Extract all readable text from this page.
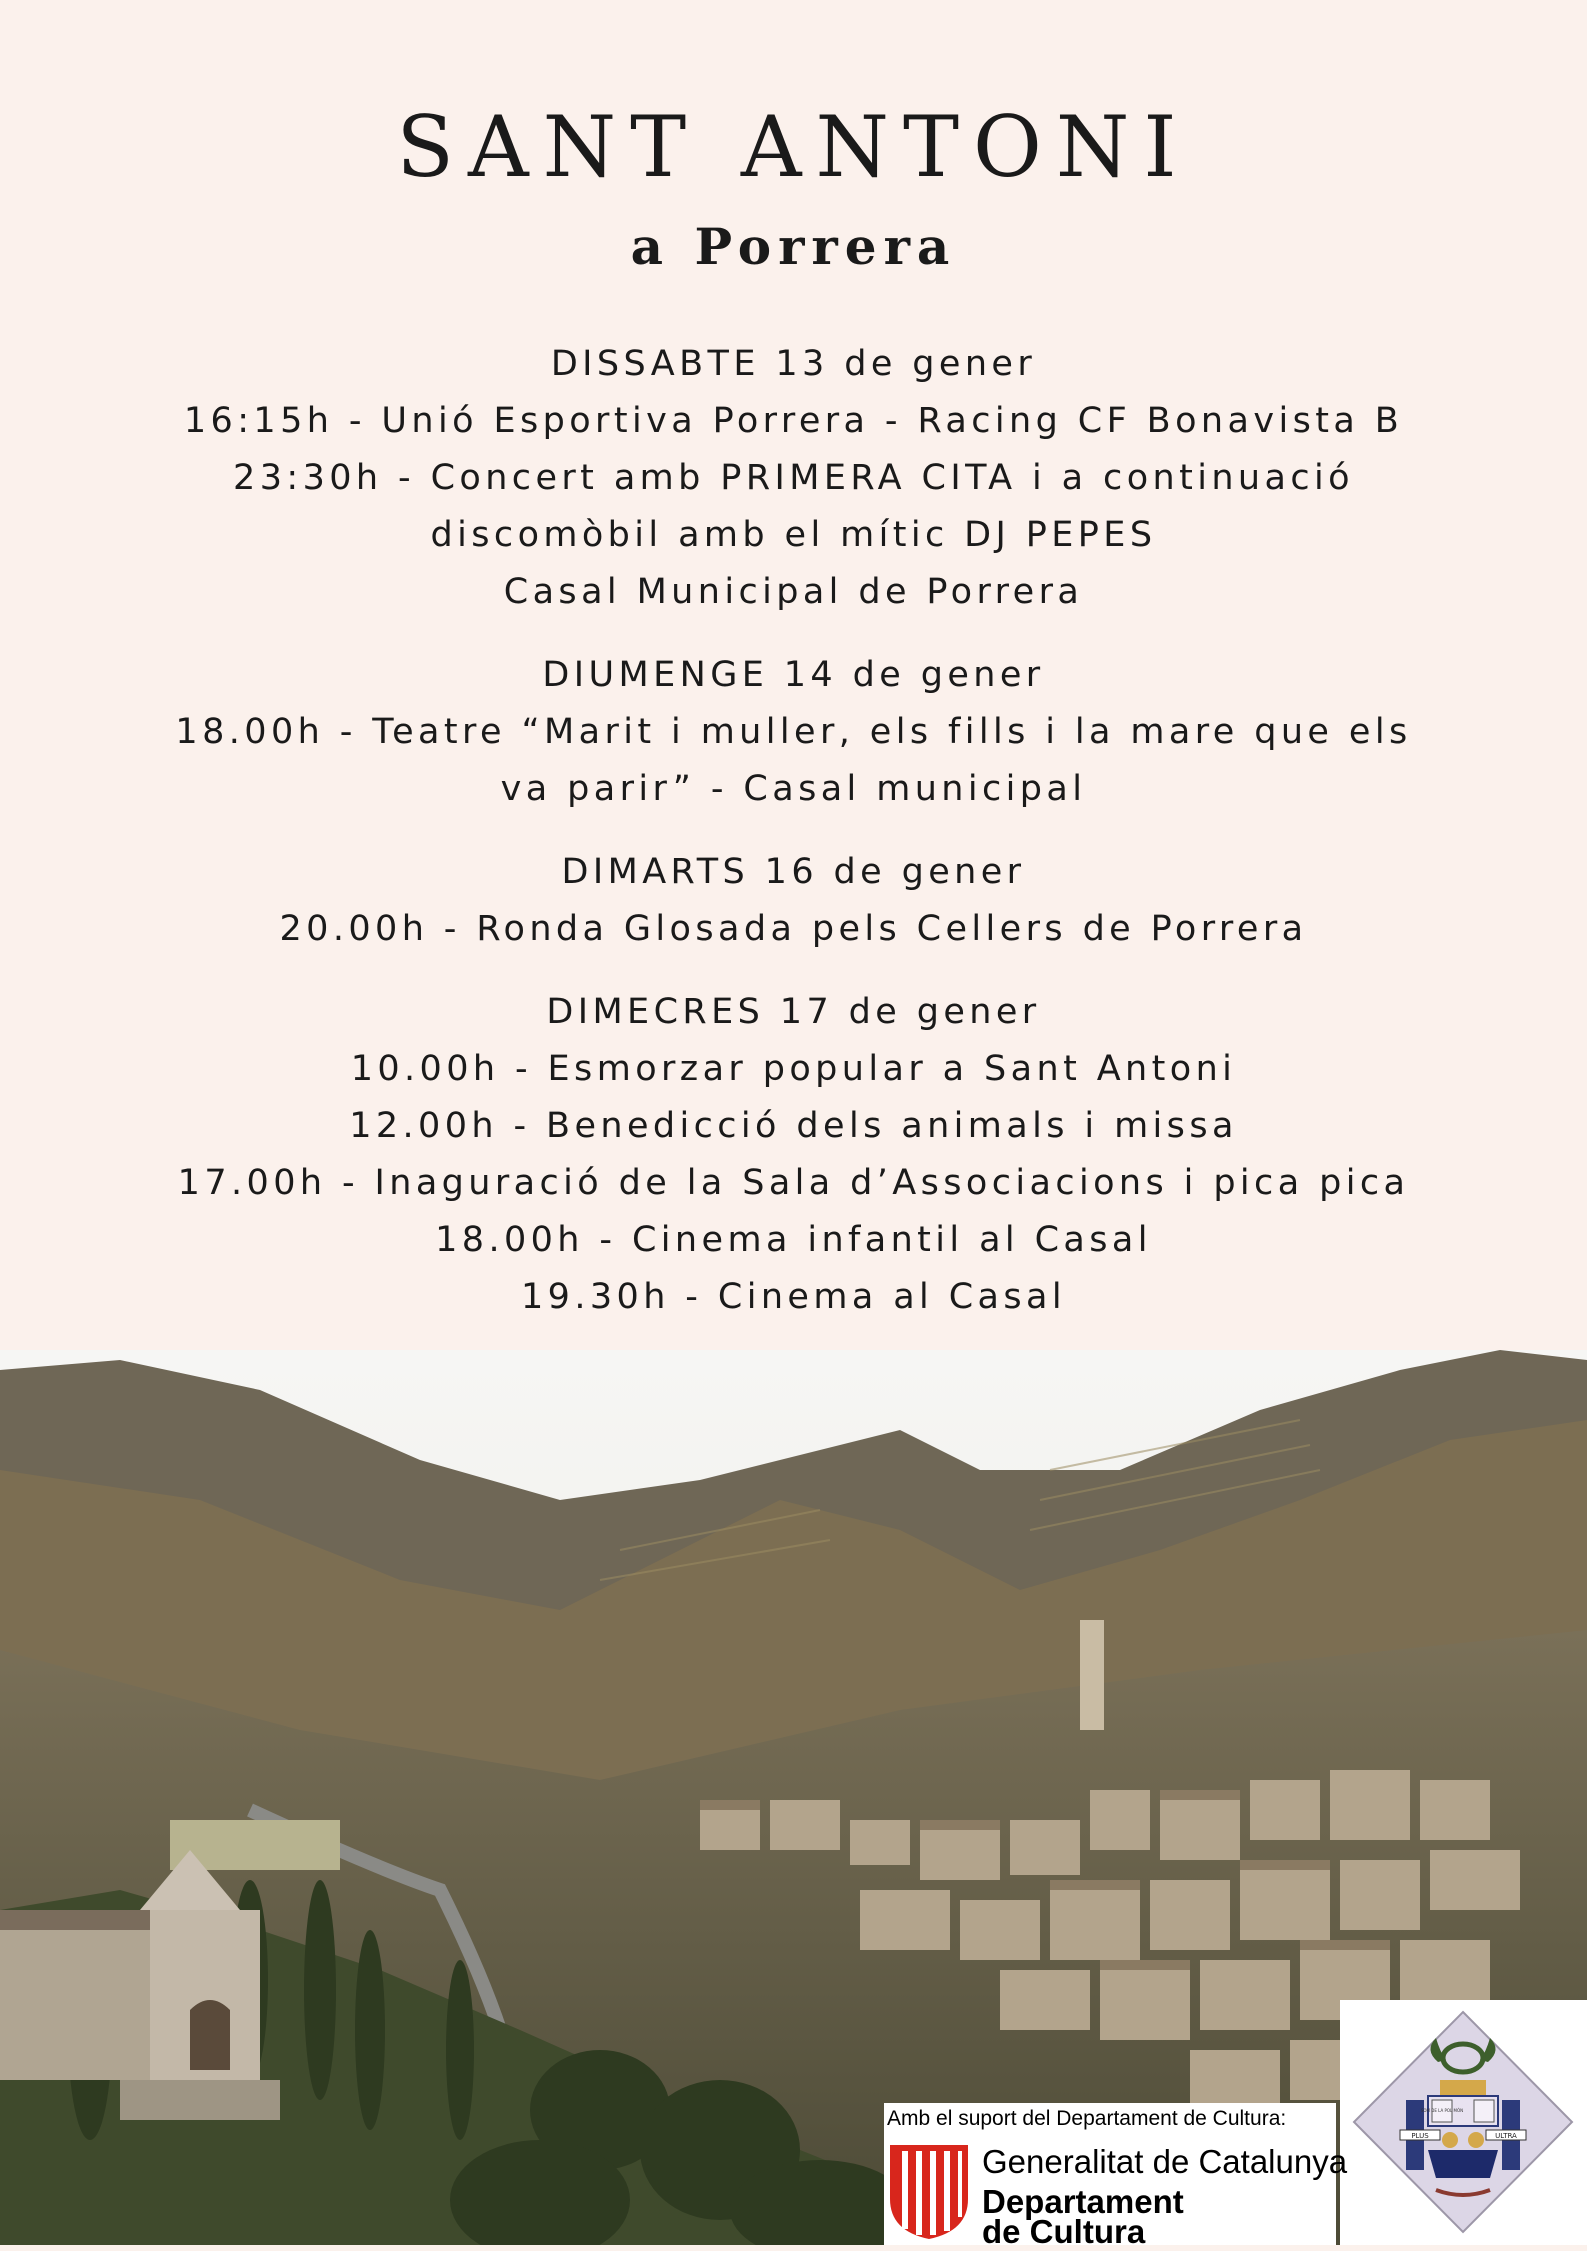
SANT ANTONI
a Porrera
DISSABTE 13 de gener
16:15h - Unió Esportiva Porrera - Racing CF Bonavista B
23:30h - Concert amb PRIMERA CITA i a continuació
discomòbil amb el mític DJ PEPES
Casal Municipal de Porrera
DIUMENGE 14 de gener
18.00h - Teatre “Marit i muller, els fills i la mare que els
va parir” - Casal municipal
DIMARTS 16 de gener
20.00h - Ronda Glosada pels Cellers de Porrera
DIMECRES 17 de gener
10.00h - Esmorzar popular a Sant Antoni
12.00h - Benedicció dels animals i missa
17.00h - Inaguració de la Sala d’Associacions i pica pica
18.00h - Cinema infantil al Casal
19.30h - Cinema al Casal
SOM DE LA POL MÓN
PLUS	ULTRA
Amb el suport del Departament de Cultura:
Generalitat de Catalunya
Departament
de Cultura
